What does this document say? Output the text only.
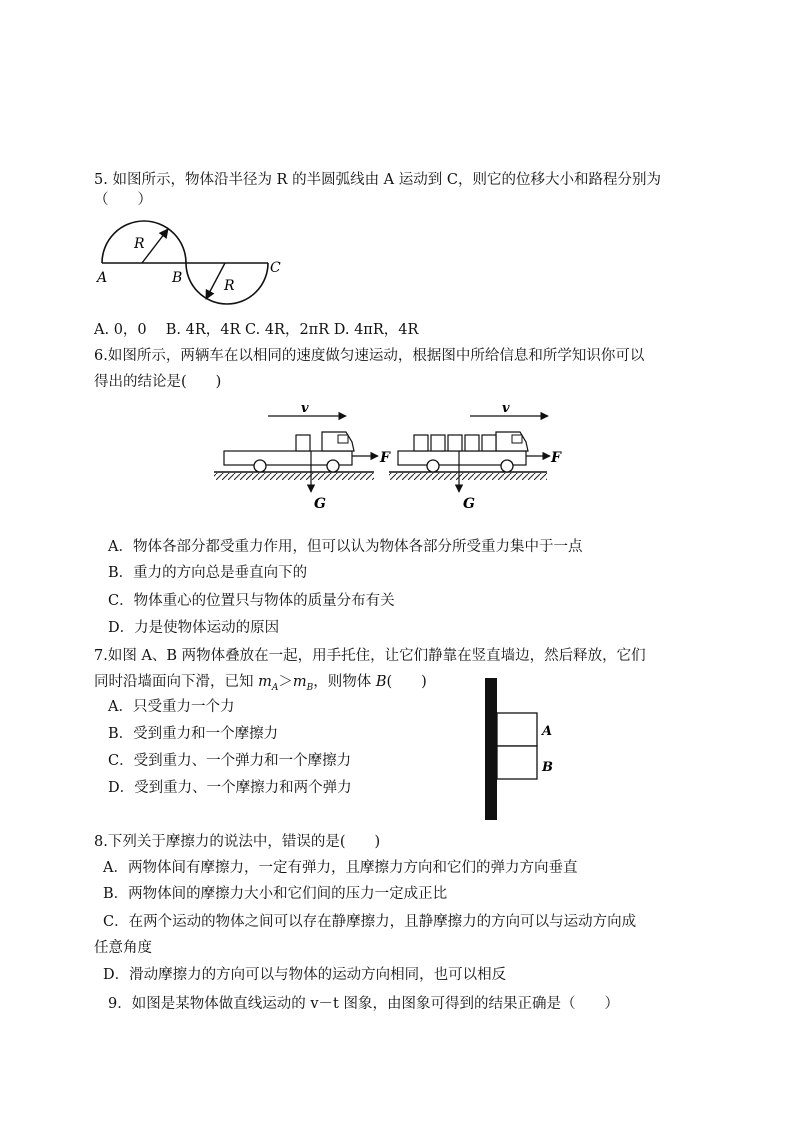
5. 如图所示，物体沿半径为 R 的半圆弧线由 A 运动到 C，则它的位移大小和路程分别为
（　　）
R
R
A	B
C
A. 0，0　 B. 4R，4R C. 4R，2πR D. 4πR，4R
6.如图所示，两辆车在以相同的速度做匀速运动，根据图中所给信息和所学知识你可以
得出的结论是(　　)
v
F
G
v
F
G
A．物体各部分都受重力作用，但可以认为物体各部分所受重力集中于一点
B．重力的方向总是垂直向下的
C．物体重心的位置只与物体的质量分布有关
D．力是使物体运动的原因
7.如图 A、B 两物体叠放在一起，用手托住，让它们静靠在竖直墙边，然后释放，它们
同时沿墙面向下滑，已知 $m_A>m_B$，则物体 B(　　)
A．只受重力一个力
B．受到重力和一个摩擦力
C．受到重力、一个弹力和一个摩擦力
D．受到重力、一个摩擦力和两个弹力
A
B
8.下列关于摩擦力的说法中，错误的是(　　)
A．两物体间有摩擦力，一定有弹力，且摩擦力方向和它们的弹力方向垂直
B．两物体间的摩擦力大小和它们间的压力一定成正比
C．在两个运动的物体之间可以存在静摩擦力，且静摩擦力的方向可以与运动方向成
任意角度
D．滑动摩擦力的方向可以与物体的运动方向相同，也可以相反
9．如图是某物体做直线运动的 v－t 图象，由图象可得到的结果正确是（　　）
